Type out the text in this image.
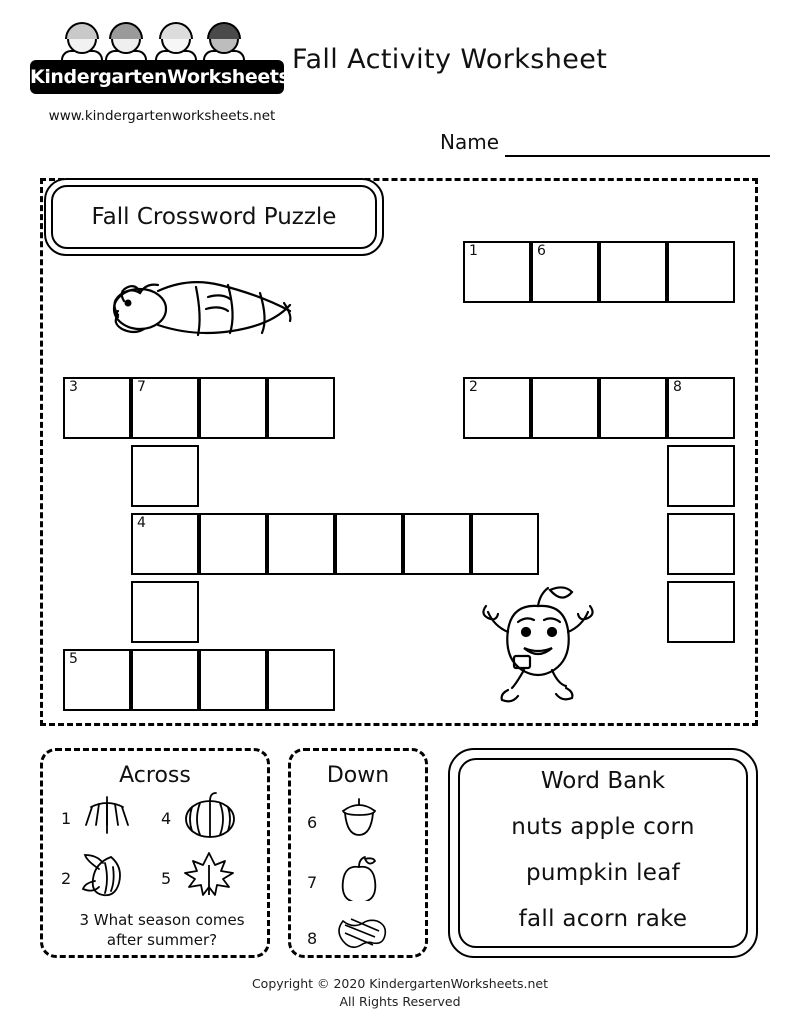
KindergartenWorksheets.net
www.kindergartenworksheets.net
Fall Activity Worksheet
Name
Fall Crossword Puzzle
1	6
3	7	2	8
4
5
Across
1	4
2	5
3 What season comes
after summer?
Down
6
7
8
Word Bank
nuts apple corn
pumpkin leaf
fall acorn rake
Copyright © 2020 KindergartenWorksheets.net
All Rights Reserved
